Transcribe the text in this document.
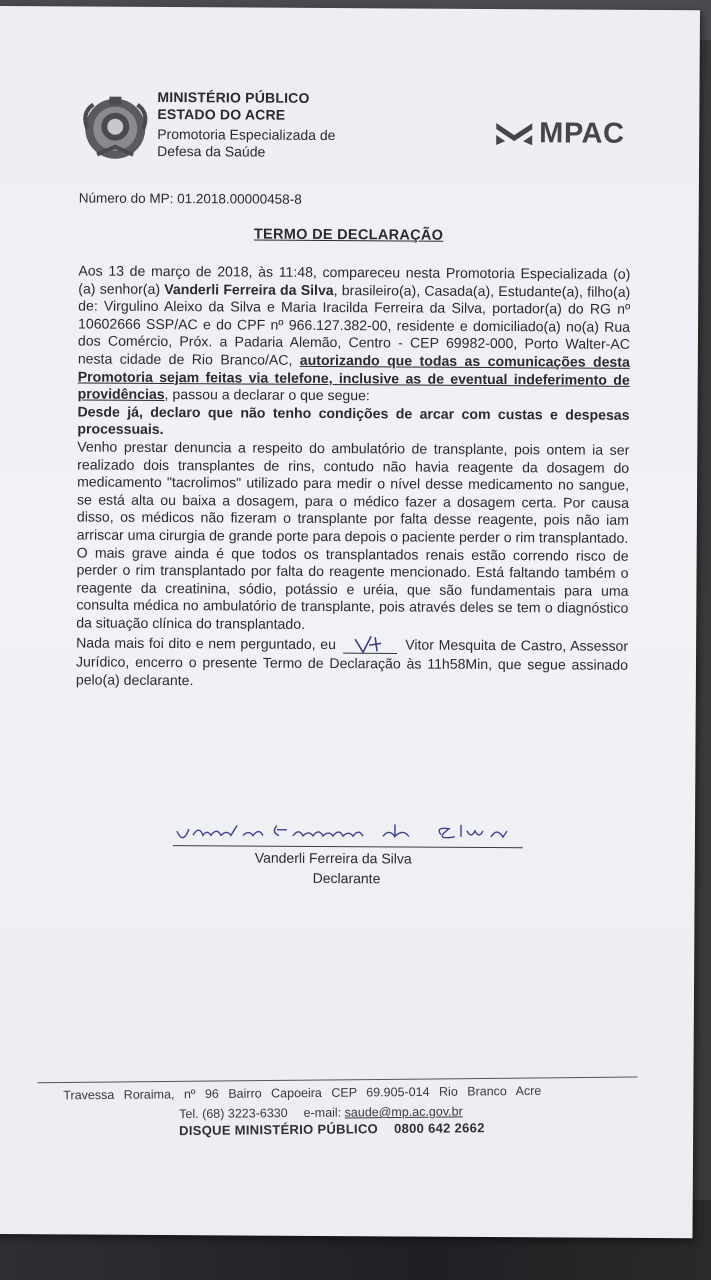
MINISTÉRIO PÚBLICO
ESTADO DO ACRE
Promotoria Especializada de
Defesa da Saúde
MPAC
Número do MP: 01.2018.00000458-8
TERMO DE DECLARAÇÃO

Aos 13 de março de 2018, às 11:48, compareceu nesta Promotoria Especializada (o) (a) senhor(a) Vanderli Ferreira da Silva, brasileiro(a), Casada(a), Estudante(a), filho(a) de: Virgulino Aleixo da Silva e Maria Iracilda Ferreira da Silva, portador(a) do RG nº 10602666 SSP/AC e do CPF nº 966.127.382-00, residente e domiciliado(a) no(a) Rua dos Comércio, Próx. a Padaria Alemão, Centro - CEP 69982-000, Porto Walter-AC nesta cidade de Rio Branco/AC, autorizando que todas as comunicações desta Promotoria sejam feitas via telefone, inclusive as de eventual indeferimento de providências, passou a declarar o que segue:

Desde já, declaro que não tenho condições de arcar com custas e despesas processuais.

Venho prestar denuncia a respeito do ambulatório de transplante, pois ontem ia ser realizado dois transplantes de rins, contudo não havia reagente da dosagem do medicamento "tacrolimos" utilizado para medir o nível desse medicamento no sangue, se está alta ou baixa a dosagem, para o médico fazer a dosagem certa. Por causa disso, os médicos não fizeram o transplante por falta desse reagente, pois não iam arriscar uma cirurgia de grande porte para depois o paciente perder o rim transplantado.

O mais grave ainda é que todos os transplantados renais estão correndo risco de perder o rim transplantado por falta do reagente mencionado. Está faltando também o reagente da creatinina, sódio, potássio e uréia, que são fundamentais para uma consulta médica no ambulatório de transplante, pois através deles se tem o diagnóstico da situação clínica do transplantado.

Nada mais foi dito e nem perguntado, eu	Vitor Mesquita de Castro, Assessor Jurídico, encerro o presente Termo de Declaração às 11h58Min, que segue assinado pelo(a) declarante.

Vanderli Ferreira da Silva
Declarante
Travessa Roraima, nº 96 Bairro Capoeira CEP 69.905-014 Rio Branco Acre
Tel. (68) 3223-6330 e-mail: saude@mp.ac.gov.br
DISQUE MINISTÉRIO PÚBLICO 0800 642 2662
